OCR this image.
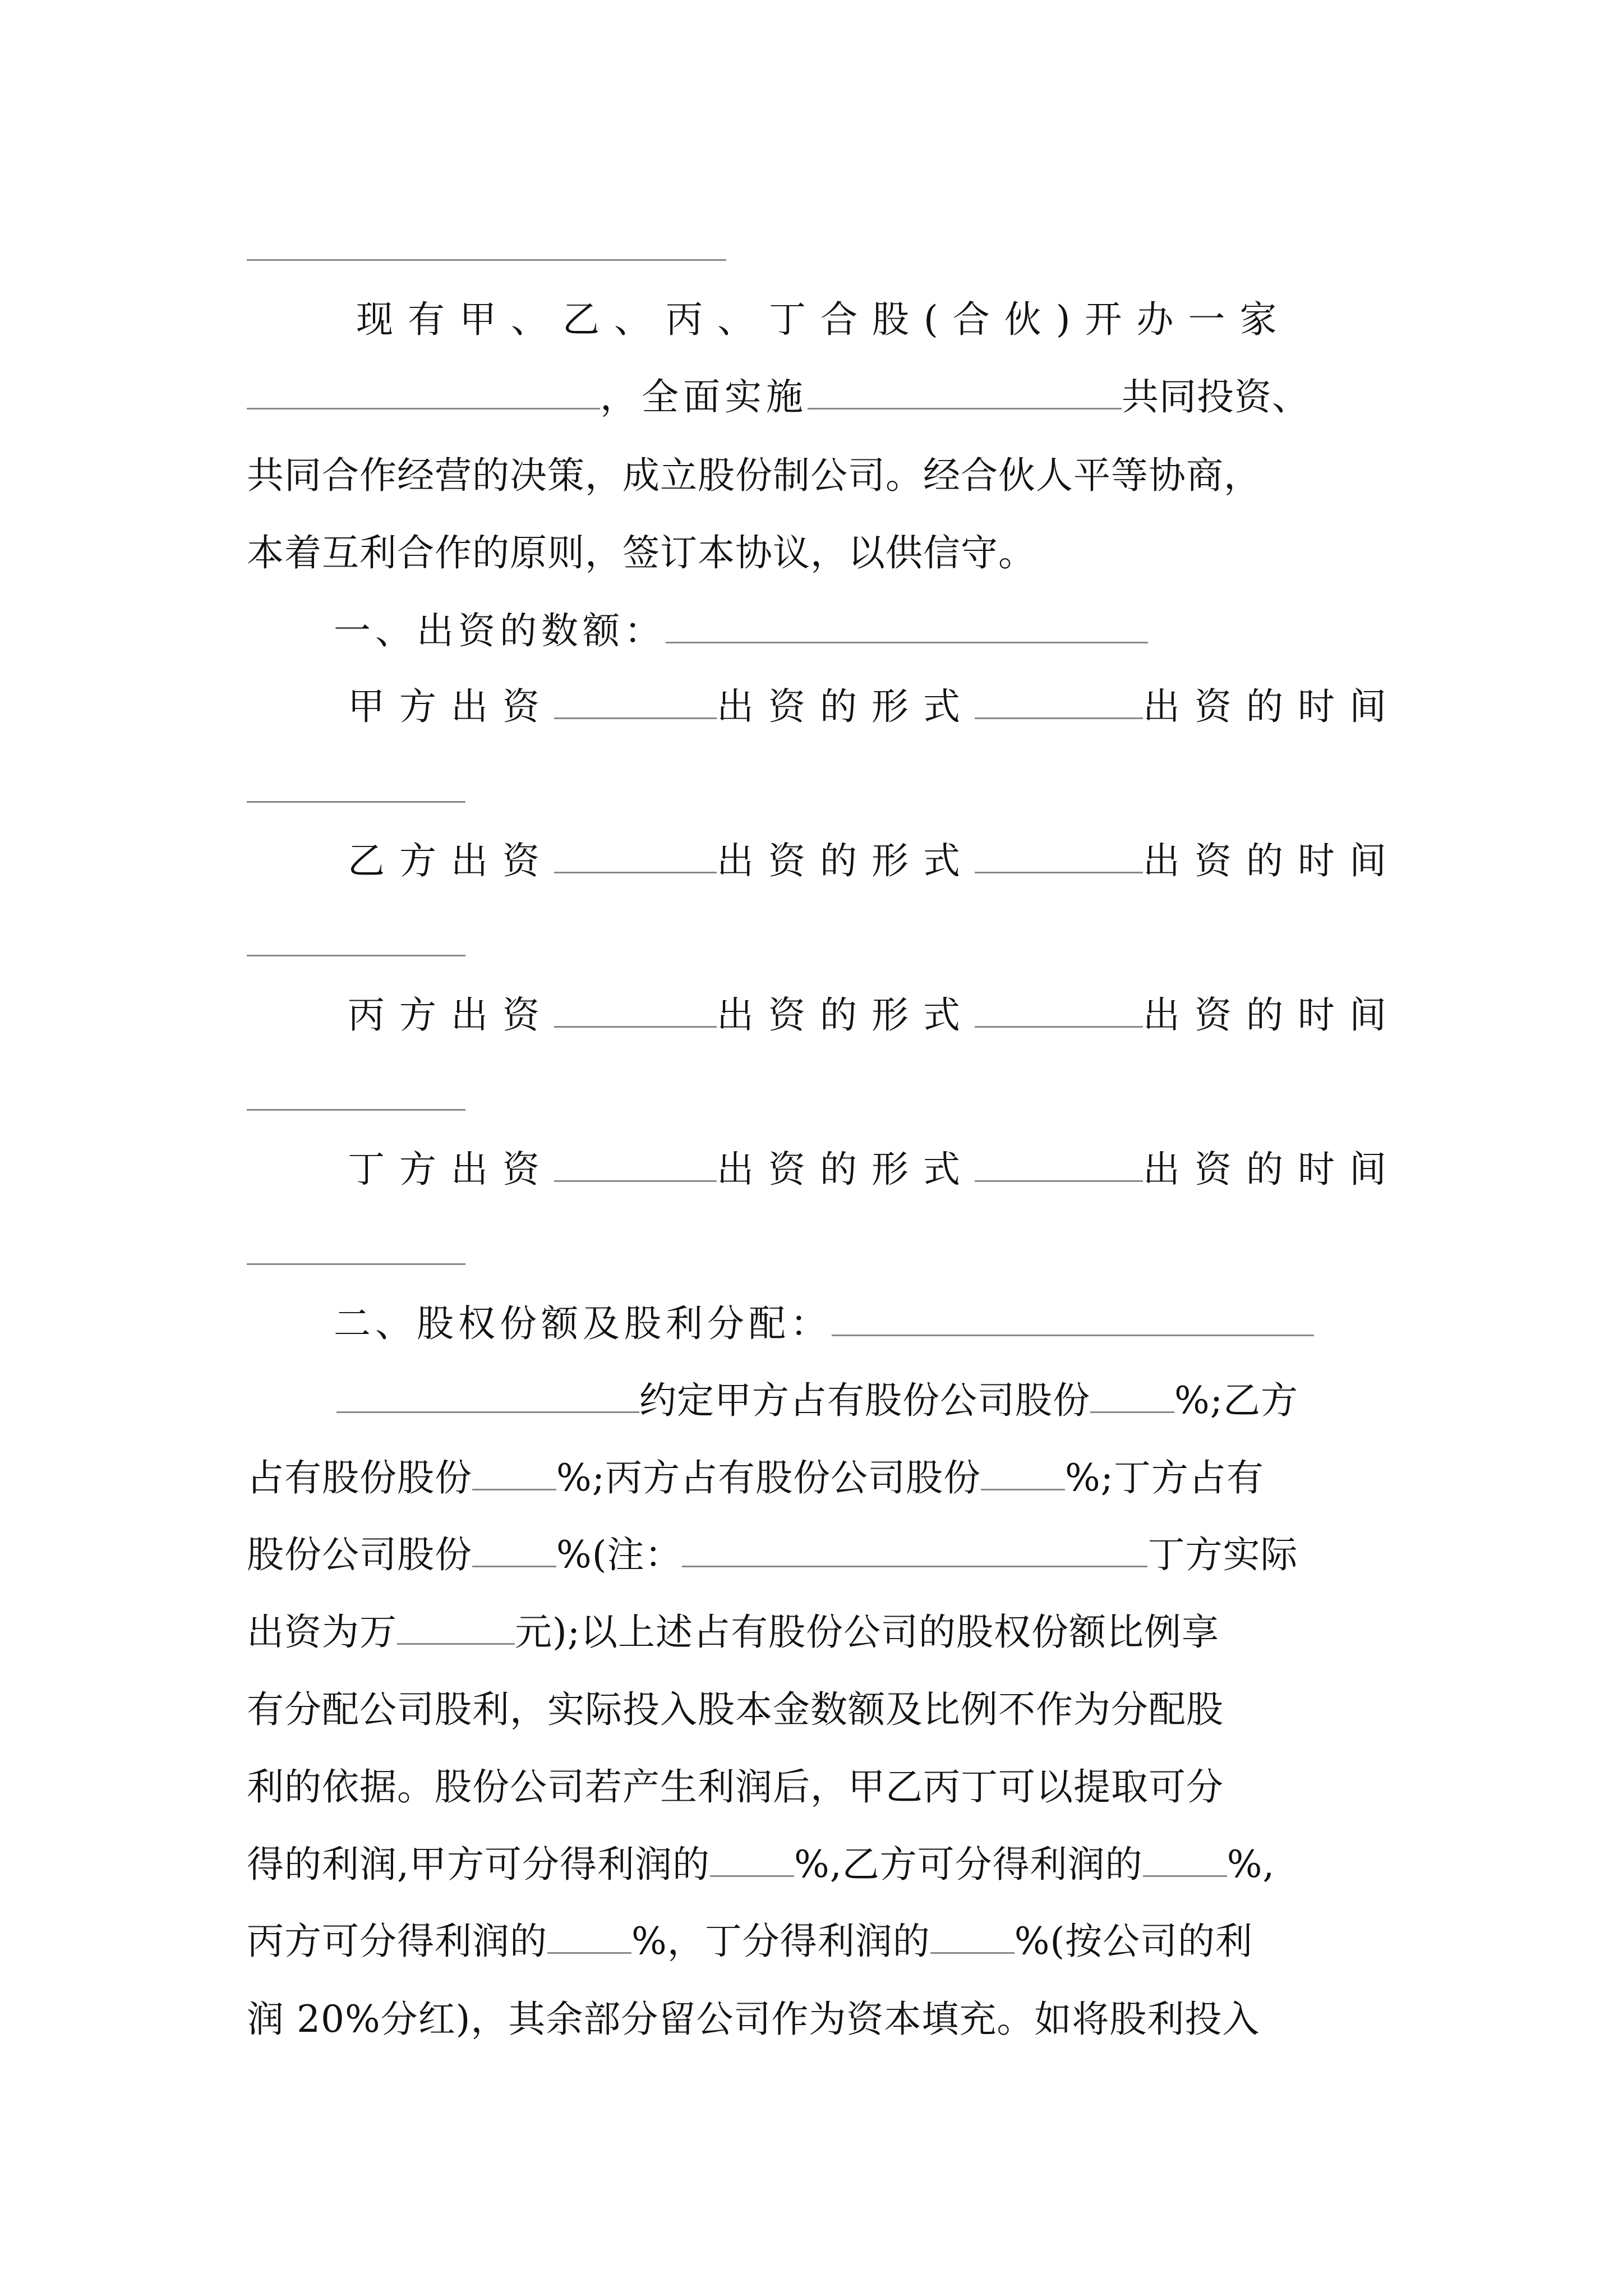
现有甲、乙、丙、丁合股(合伙)开办一家
，全面实施	共同投资、
共同合作经营的决策，成立股份制公司。经合伙人平等协商，
本着互利合作的原则，签订本协议，以供信守。
一、出资的数额：
甲方出资	出资的形式	出资的时间
乙方出资	出资的形式	出资的时间
丙方出资	出资的形式	出资的时间
丁方出资	出资的形式	出资的时间
二、股权份额及股利分配：
约定甲方占有股份公司股份 %;乙方
占有股份股份 %;丙方占有股份公司股份 %;丁方占有
股份公司股份 %(注：	丁方实际
出资为万	元);以上述占有股份公司的股权份额比例享
有分配公司股利，实际投入股本金数额及比例不作为分配股
利的依据。股份公司若产生利润后，甲乙丙丁可以提取可分
得的利润,甲方可分得利润的 %,乙方可分得利润的 %,
丙方可分得利润的 %，丁分得利润的 %(按公司的利
润 20%分红)，其余部分留公司作为资本填充。如将股利投入
